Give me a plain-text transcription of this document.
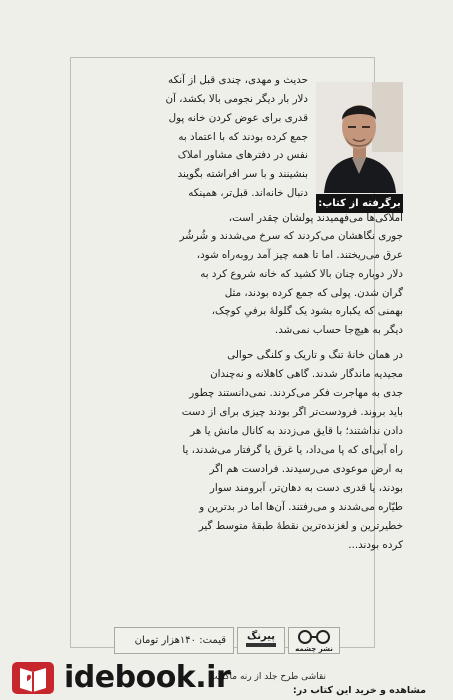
برگرفته از کتاب:
حدیث و مهدی، چندی قبل از آنکه
دلار بار دیگر نجومی بالا بکشد، آن
قدری برای عوض کردن خانه پول
جمع کرده بودند که با اعتماد به
نفس در دفترهای مشاور املاک
بنشینند و با سر افراشته بگویند
دنبال خانه‌اند. قبل‌تر، همینکه
املاکی‌ها می‌فهمیدند پولشان چقدر است،
جوری نگاهشان می‌کردند که سرخ می‌شدند و شُرشُر
عرق می‌ریختند. اما تا همه چیز آمد روبه‌راه شود،
دلار دوباره چنان بالا کشید که خانه شروع کرد به
گران شدن. پولی که جمع کرده بودند، مثل
بهمنی که یکباره بشود یک گلولهٔ برفیِ کوچک،
دیگر به هیچ‌جا حساب نمی‌شد.
در همان خانهٔ تنگ و تاریک و کلنگی حوالی
مجیدیه ماندگار شدند. گاهی کاهلانه و نه‌چندان
جدی به مهاجرت فکر می‌کردند. نمی‌دانستند چطور
باید بروند. فرودست‌تر اگر بودند چیزی برای از دست
دادن نداشتند؛ با قایق می‌زدند به کانال مانش یا هر
راه آبی‌ای که پا می‌داد، یا غرق یا گرفتار می‌شدند، یا
به ارض موعودی می‌رسیدند. فرادست هم اگر
بودند، یا قدری دست به دهان‌تر، آبرومند سوار
طیّاره می‌شدند و می‌رفتند. آن‌ها اما در بدترین و
خطیرترین و لغزنده‌ترین نقطهٔ طبقهٔ متوسط گیر
کرده بودند...
قیمت: ۱۴۰هزار تومان پیرنگ
نشر چشمه
نقاشی طرح جلد از رنه ماگریت
idebook.ir	مشاهده و خرید این کتاب در:
